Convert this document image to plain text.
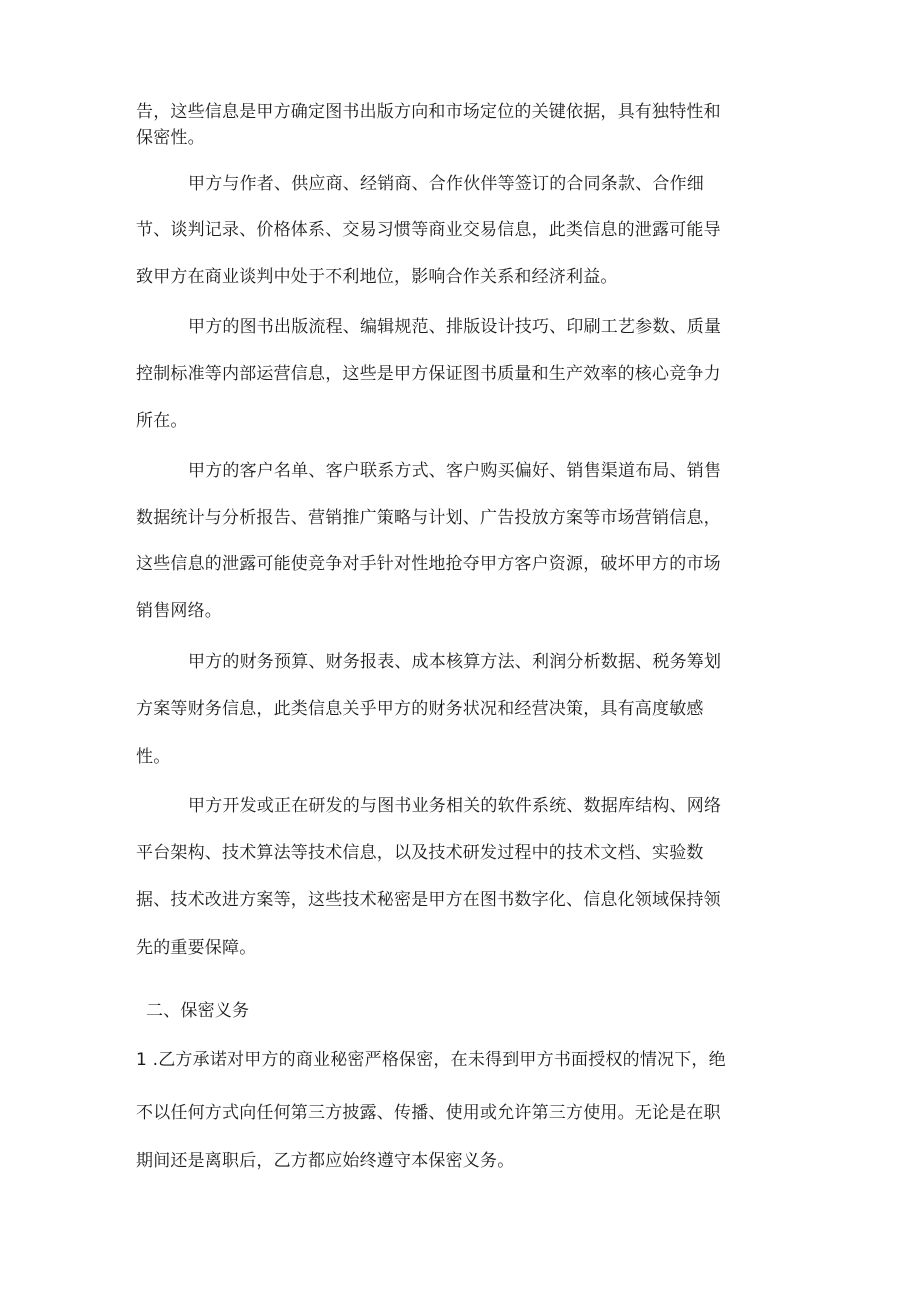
告，这些信息是甲方确定图书出版方向和市场定位的关键依据，具有独特性和
保密性。
甲方与作者、供应商、经销商、合作伙伴等签订的合同条款、合作细
节、谈判记录、价格体系、交易习惯等商业交易信息，此类信息的泄露可能导
致甲方在商业谈判中处于不利地位，影响合作关系和经济利益。
甲方的图书出版流程、编辑规范、排版设计技巧、印刷工艺参数、质量
控制标准等内部运营信息，这些是甲方保证图书质量和生产效率的核心竞争力
所在。
甲方的客户名单、客户联系方式、客户购买偏好、销售渠道布局、销售
数据统计与分析报告、营销推广策略与计划、广告投放方案等市场营销信息，
这些信息的泄露可能使竞争对手针对性地抢夺甲方客户资源，破坏甲方的市场
销售网络。
甲方的财务预算、财务报表、成本核算方法、利润分析数据、税务筹划
方案等财务信息，此类信息关乎甲方的财务状况和经营决策，具有高度敏感
性。
甲方开发或正在研发的与图书业务相关的软件系统、数据库结构、网络
平台架构、技术算法等技术信息，以及技术研发过程中的技术文档、实验数
据、技术改进方案等，这些技术秘密是甲方在图书数字化、信息化领域保持领
先的重要保障。
二、保密义务
1 .乙方承诺对甲方的商业秘密严格保密，在未得到甲方书面授权的情况下，绝
不以任何方式向任何第三方披露、传播、使用或允许第三方使用。无论是在职
期间还是离职后，乙方都应始终遵守本保密义务。
